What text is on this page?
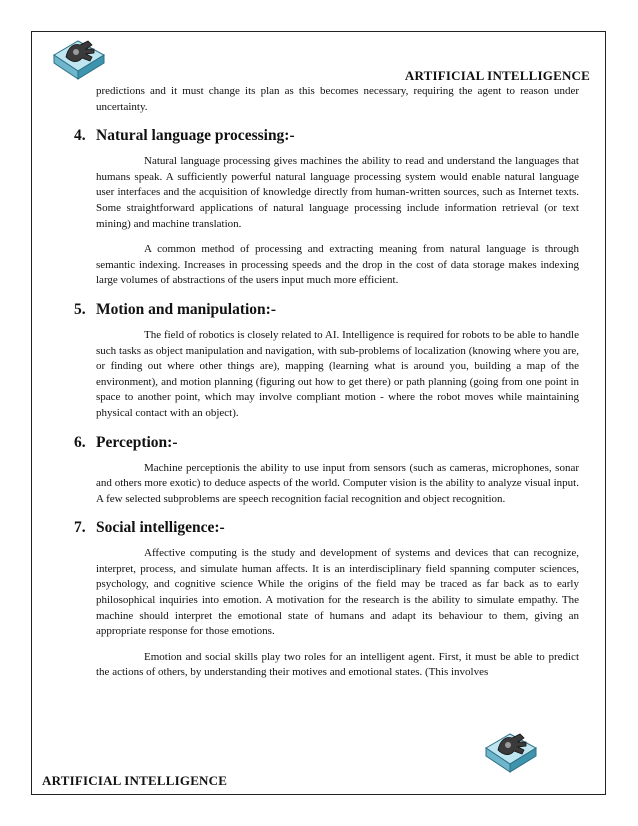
ARTIFICIAL INTELLIGENCE

predictions and it must change its plan as this becomes necessary, requiring the agent to reason under uncertainty.

4. Natural language processing:-

Natural language processing gives machines the ability to read and understand the languages that humans speak. A sufficiently powerful natural language processing system would enable natural language user interfaces and the acquisition of knowledge directly from human-written sources, such as Internet texts. Some straightforward applications of natural language processing include information retrieval (or text mining) and machine translation.

A common method of processing and extracting meaning from natural language is through semantic indexing. Increases in processing speeds and the drop in the cost of data storage makes indexing large volumes of abstractions of the users input much more efficient.

5. Motion and manipulation:-

The field of robotics is closely related to AI. Intelligence is required for robots to be able to handle such tasks as object manipulation and navigation, with sub-problems of localization (knowing where you are, or finding out where other things are), mapping (learning what is around you, building a map of the environment), and motion planning (figuring out how to get there) or path planning (going from one point in space to another point, which may involve compliant motion - where the robot moves while maintaining physical contact with an object).

6. Perception:-

Machine perceptionis the ability to use input from sensors (such as cameras, microphones, sonar and others more exotic) to deduce aspects of the world. Computer vision is the ability to analyze visual input. A few selected subproblems are speech recognition facial recognition and object recognition.

7. Social intelligence:-

Affective computing is the study and development of systems and devices that can recognize, interpret, process, and simulate human affects. It is an interdisciplinary field spanning computer sciences, psychology, and cognitive science While the origins of the field may be traced as far back as to early philosophical inquiries into emotion. A motivation for the research is the ability to simulate empathy. The machine should interpret the emotional state of humans and adapt its behaviour to them, giving an appropriate response for those emotions.

Emotion and social skills play two roles for an intelligent agent. First, it must be able to predict the actions of others, by understanding their motives and emotional states. (This involves

ARTIFICIAL INTELLIGENCE
